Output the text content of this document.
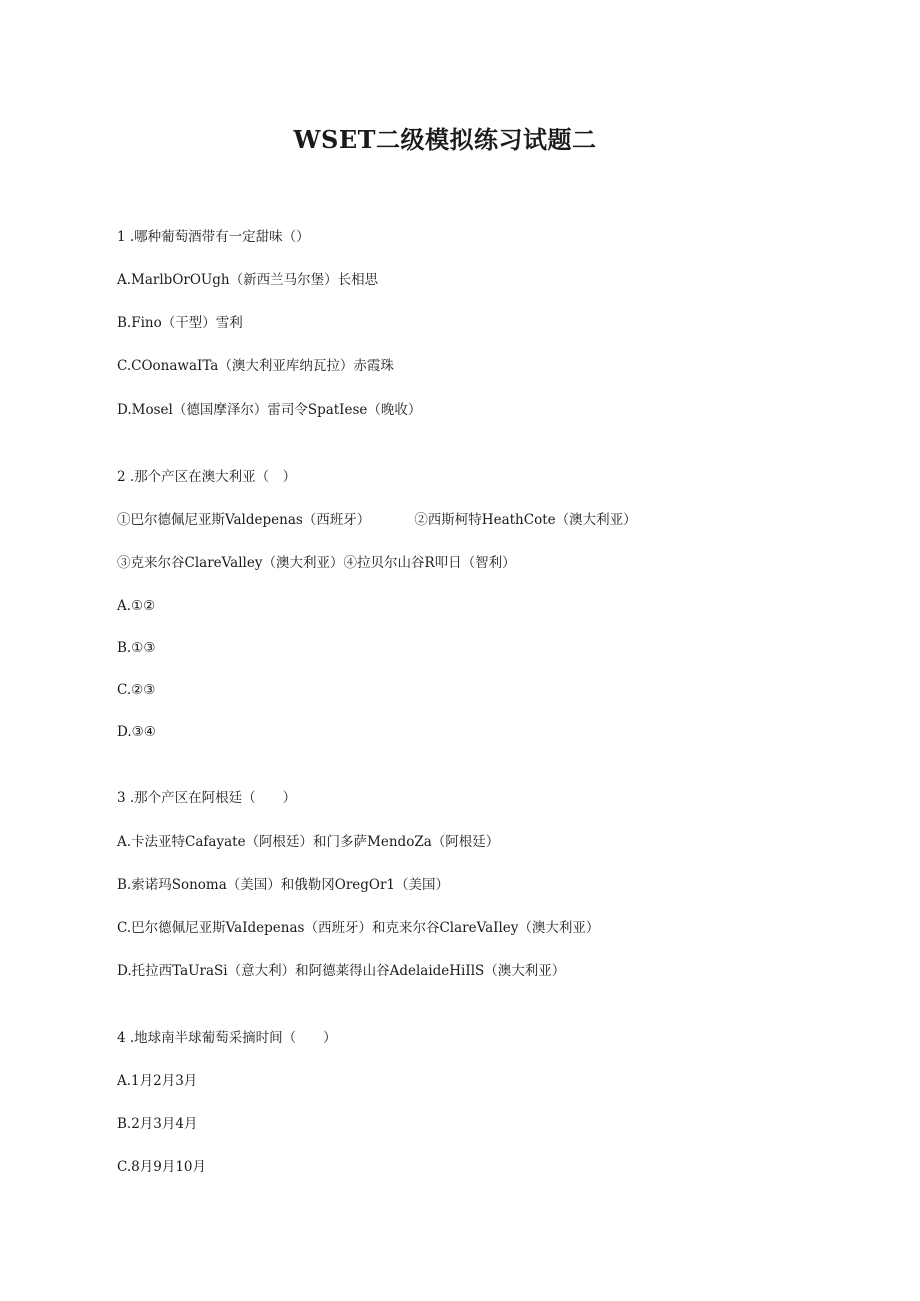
WSET二级模拟练习试题二
1 .哪种葡萄酒带有一定甜味（）
A.MarlbOrOUgh（新西兰马尔堡）长相思
B.Fino（干型）雪利
C.COonawaITa（澳大利亚库纳瓦拉）赤霞珠
D.Mosel（德国摩泽尔）雷司令SpatIese（晚收）
2 .那个产区在澳大利亚（　）
①巴尔德佩尼亚斯Valdepenas（西班牙）	②西斯柯特HeathCote（澳大利亚）
③克来尔谷ClareValley（澳大利亚）④拉贝尔山谷R叩日（智利）
A.①②
B.①③
C.②③
D.③④
3 .那个产区在阿根廷（　　）
A.卡法亚特Cafayate（阿根廷）和门多萨MendoZa（阿根廷）
B.索诺玛Sonoma（美国）和俄勒冈OregOr1（美国）
C.巴尔德佩尼亚斯VaIdepenas（西班牙）和克来尔谷ClareVaIley（澳大利亚）
D.托拉西TaUraSi（意大利）和阿德莱得山谷AdelaideHiIlS（澳大利亚）
4 .地球南半球葡萄采摘时间（　　）
A.1月2月3月
B.2月3月4月
C.8月9月10月
